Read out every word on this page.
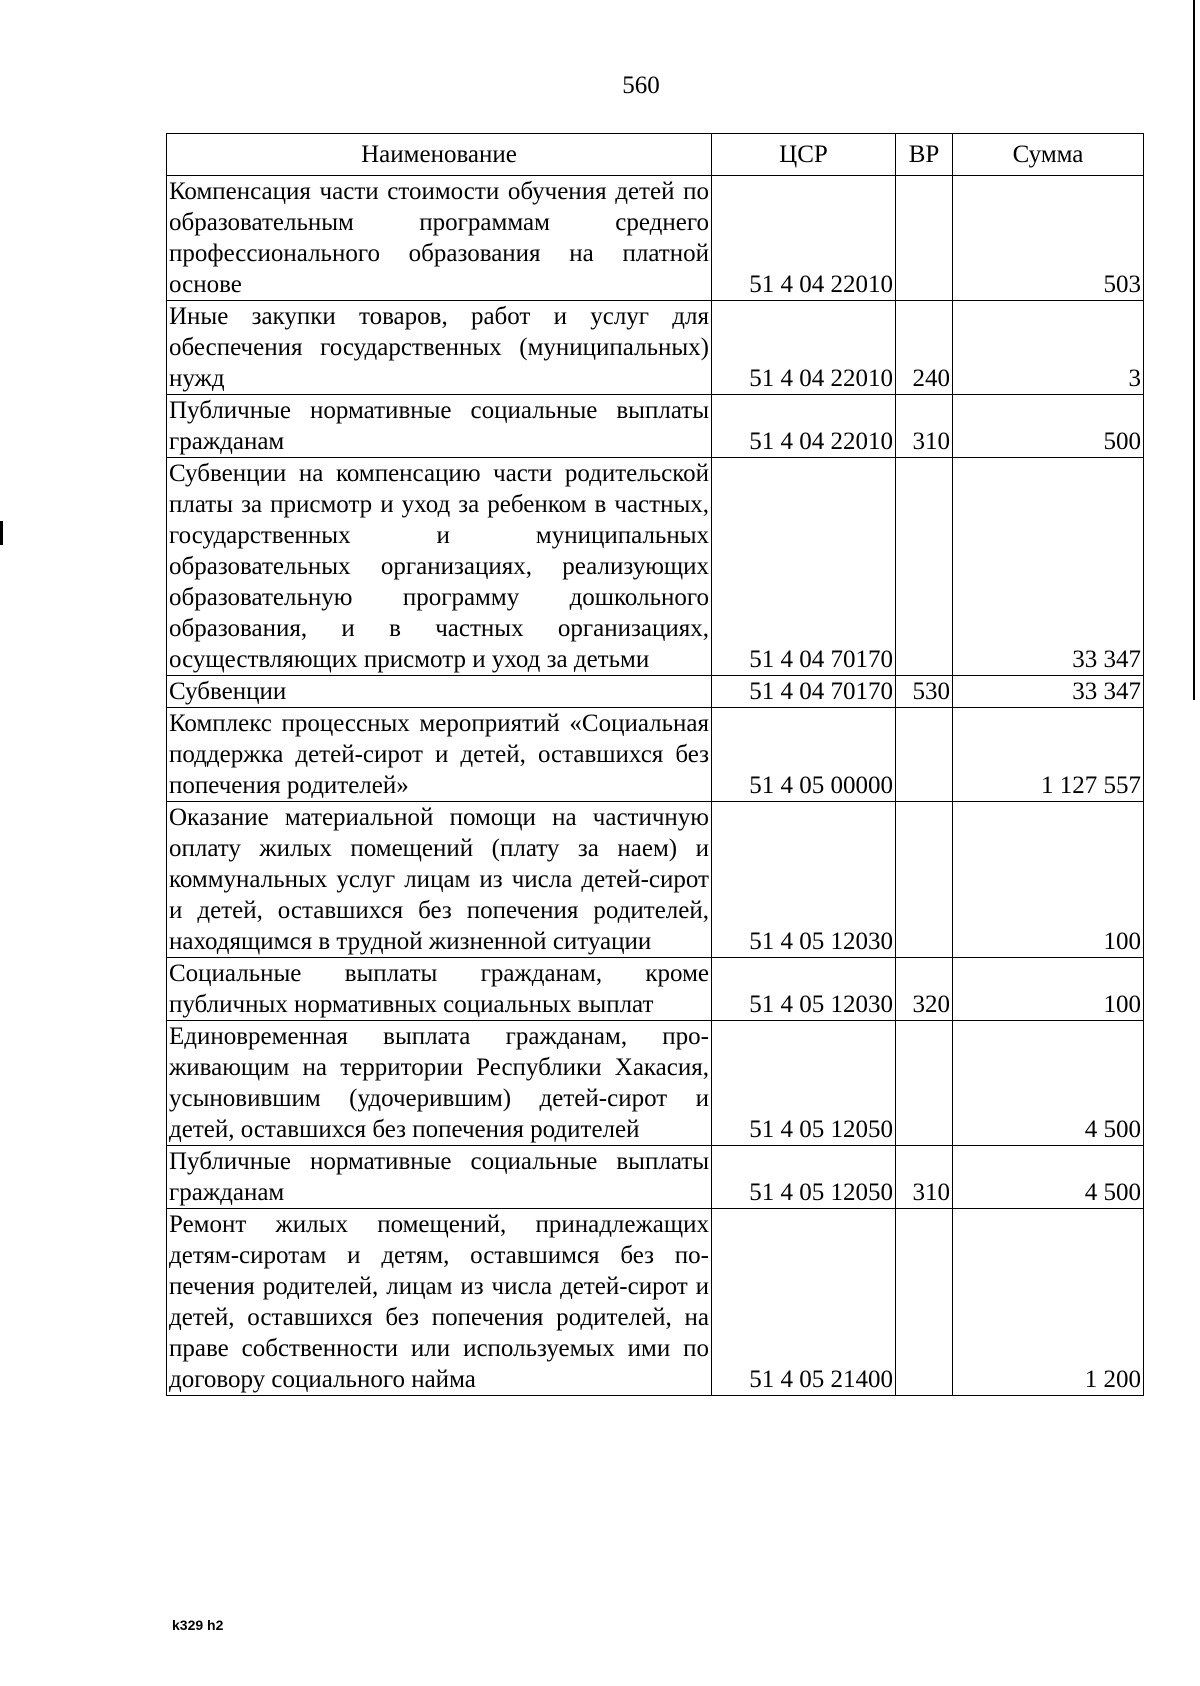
560
Наименование	ЦСР	ВР	Сумма
Компенсация части стоимости обучения детей по образовательным программам среднего профессионального образования на платной основе	51 4 04 22010		503
Иные закупки товаров, работ и услуг для обеспечения государственных (муниципальных) нужд	51 4 04 22010	240	3
Публичные нормативные социальные выплаты гражданам	51 4 04 22010	310	500
Субвенции на компенсацию части родительской платы за присмотр и уход за ребенком в частных, государственных и муниципальных образовательных организациях, реализующих образовательную программу дошкольного образования, и в частных организациях, осуществляющих присмотр и уход за детьми	51 4 04 70170		33 347
Субвенции	51 4 04 70170	530	33 347
Комплекс процессных мероприятий «Социальная поддержка детей-сирот и детей, оставшихся без попечения родителей»	51 4 05 00000		1 127 557
Оказание материальной помощи на частичную оплату жилых помещений (плату за наем) и коммунальных услуг лицам из числа детей-сирот и детей, оставшихся без попечения родителей, находящимся в трудной жизненной ситуации	51 4 05 12030		100
Социальные выплаты гражданам, кроме публичных нормативных социальных выплат	51 4 05 12030	320	100
Единовременная выплата гражданам, проживающим на территории Республики Хакасия, усыновившим (удочерившим) детей-сирот и детей, оставшихся без попечения родителей	51 4 05 12050		4 500
Публичные нормативные социальные выплаты гражданам	51 4 05 12050	310	4 500
Ремонт жилых помещений, принадлежащих детям-сиротам и детям, оставшимся без попечения родителей, лицам из числа детей-сирот и детей, оставшихся без попечения родителей, на праве собственности или используемых ими по договору социального найма	51 4 05 21400		1 200
k329 h2
